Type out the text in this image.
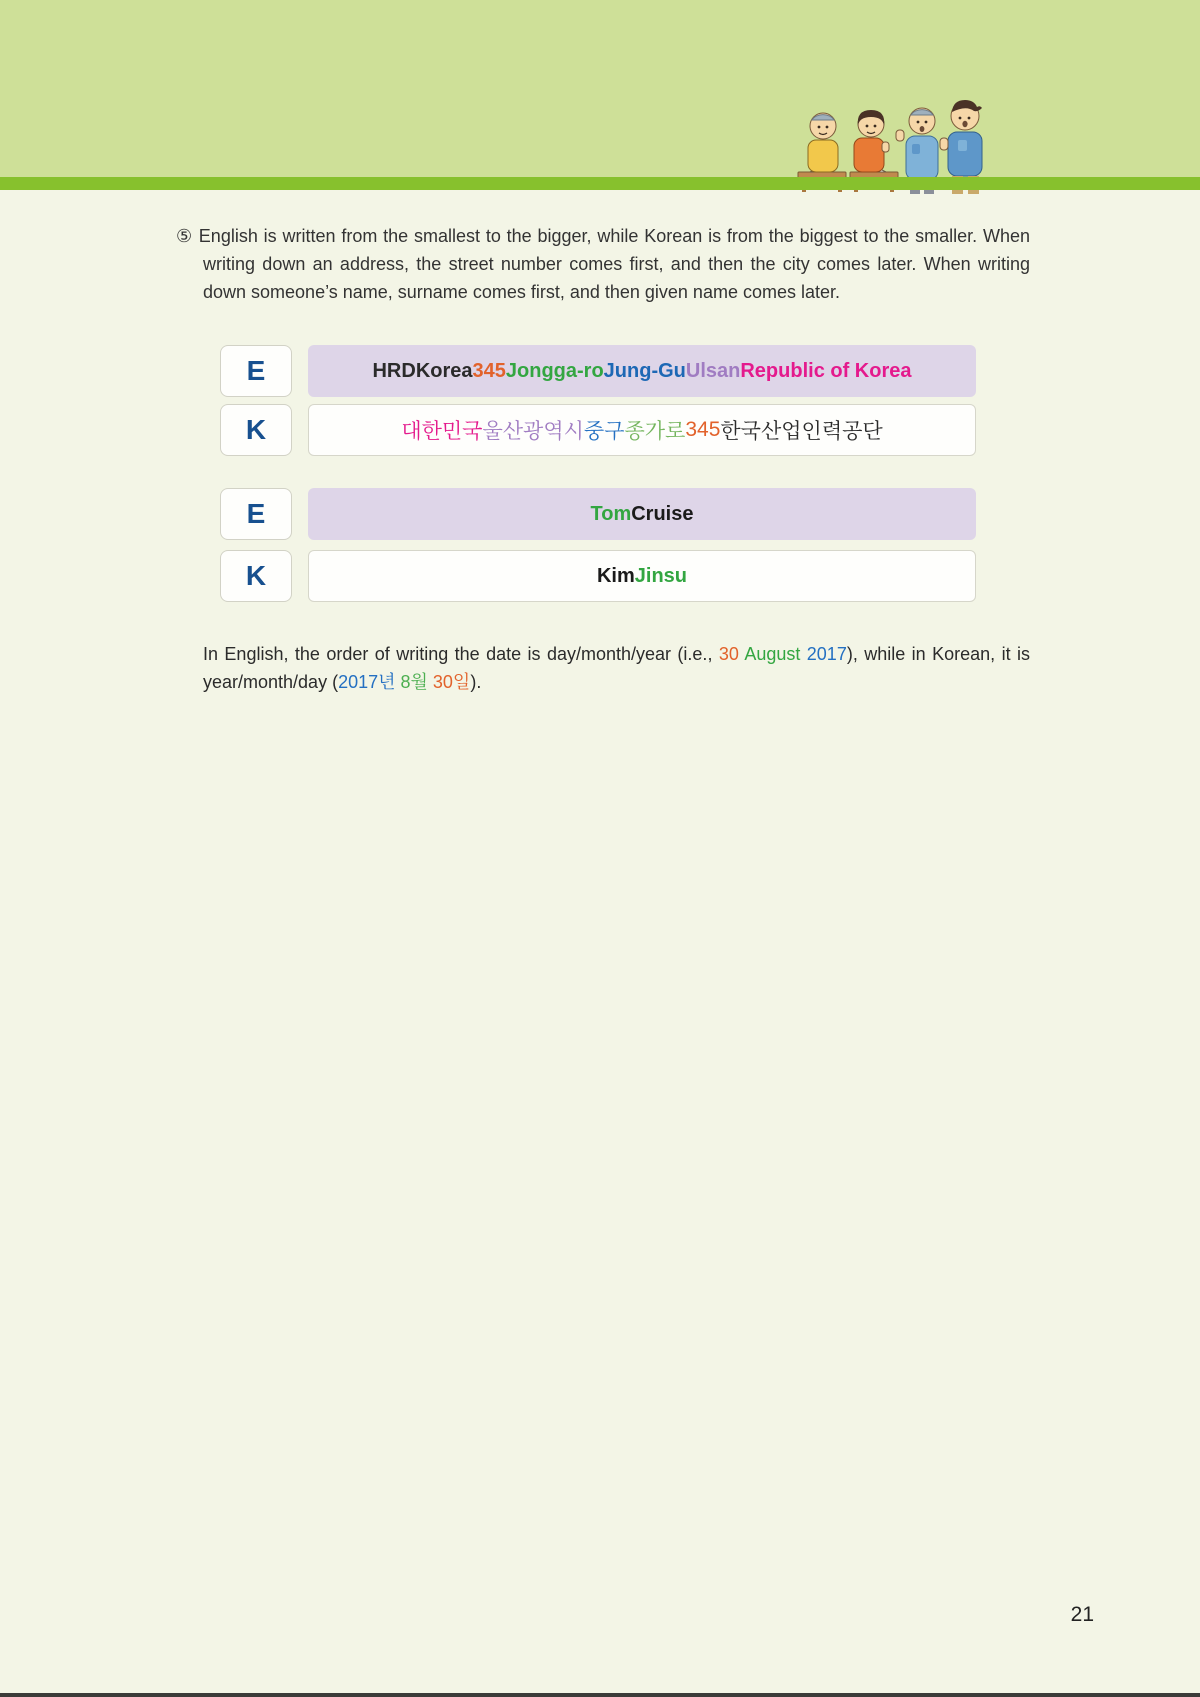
⑤ English is written from the smallest to the bigger, while Korean is from the biggest to the smaller. When writing down an address, the street number comes first, and then the city comes later. When writing down someone’s name, surname comes first, and then given name comes later.

E	HRDKorea 345 Jongga-ro Jung-Gu Ulsan Republic of Korea
K	대한민국 울산광역시 중구 종가로 345 한국산업인력공단
E	Tom Cruise
K	Kim Jinsu

In English, the order of writing the date is day/month/year (i.e., 30 August 2017), while in Korean, it is year/month/day (2017년 8월 30일).

21
